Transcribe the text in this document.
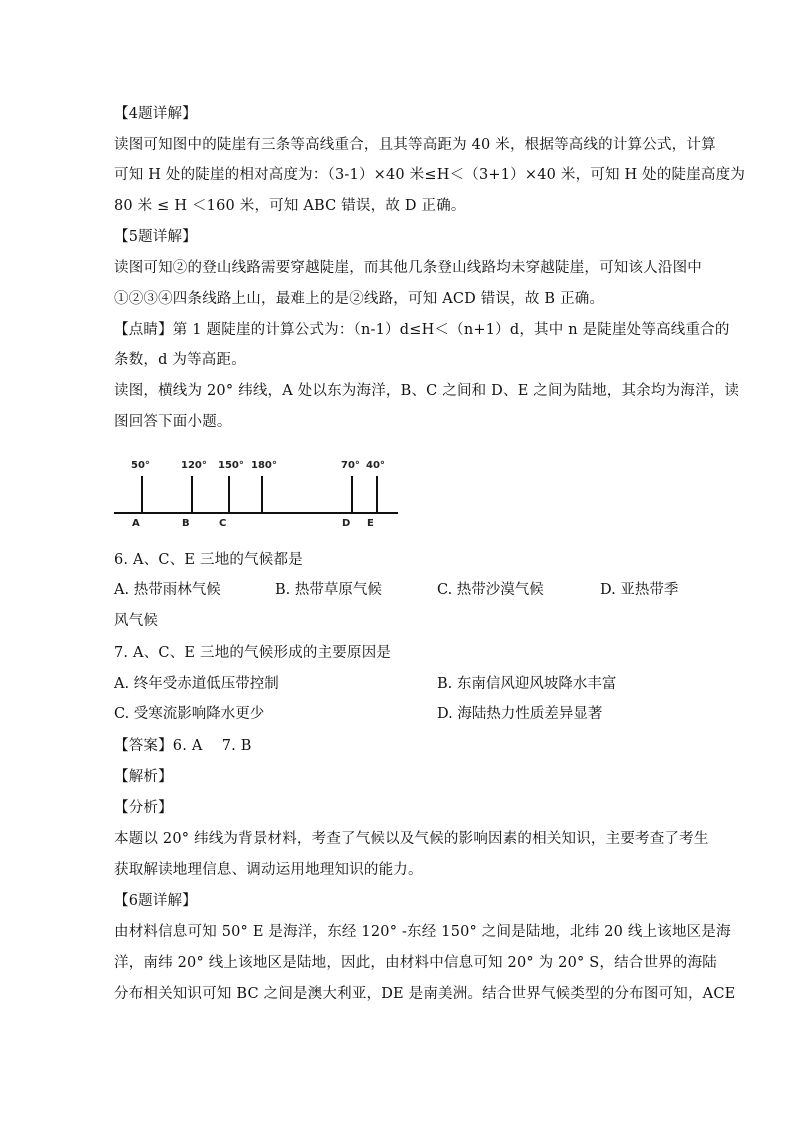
【4题详解】
读图可知图中的陡崖有三条等高线重合，且其等高距为 40 米，根据等高线的计算公式，计算
可知 H 处的陡崖的相对高度为：（3-1）×40 米≤H＜（3+1）×40 米，可知 H 处的陡崖高度为
80 米 ≤ H ＜160 米，可知 ABC 错误，故 D 正确。
【5题详解】
读图可知②的登山线路需要穿越陡崖，而其他几条登山线路均未穿越陡崖，可知该人沿图中
①②③④四条线路上山，最难上的是②线路，可知 ACD 错误，故 B 正确。
【点睛】第 1 题陡崖的计算公式为：（n-1）d≤H＜（n+1）d，其中 n 是陡崖处等高线重合的
条数，d 为等高距。
读图，横线为 20° 纬线，A 处以东为海洋，B、C 之间和 D、E 之间为陆地，其余均为海洋，读
图回答下面小题。
50°
A
120°
B
150°
C
180°	70°
D
40°
E
6. A、C、E 三地的气候都是
A. 热带雨林气候	B. 热带草原气候	C. 热带沙漠气候	D. 亚热带季
风气候
7. A、C、E 三地的气候形成的主要原因是
A. 终年受赤道低压带控制	B. 东南信风迎风坡降水丰富
C. 受寒流影响降水更少	D. 海陆热力性质差异显著
【答案】6. A    7. B
【解析】
【分析】
本题以 20° 纬线为背景材料，考查了气候以及气候的影响因素的相关知识，主要考查了考生
获取解读地理信息、调动运用地理知识的能力。
【6题详解】
由材料信息可知 50° E 是海洋，东经 120° -东经 150° 之间是陆地，北纬 20 线上该地区是海
洋，南纬 20° 线上该地区是陆地，因此，由材料中信息可知 20° 为 20° S，结合世界的海陆
分布相关知识可知 BC 之间是澳大利亚，DE 是南美洲。结合世界气候类型的分布图可知，ACE
